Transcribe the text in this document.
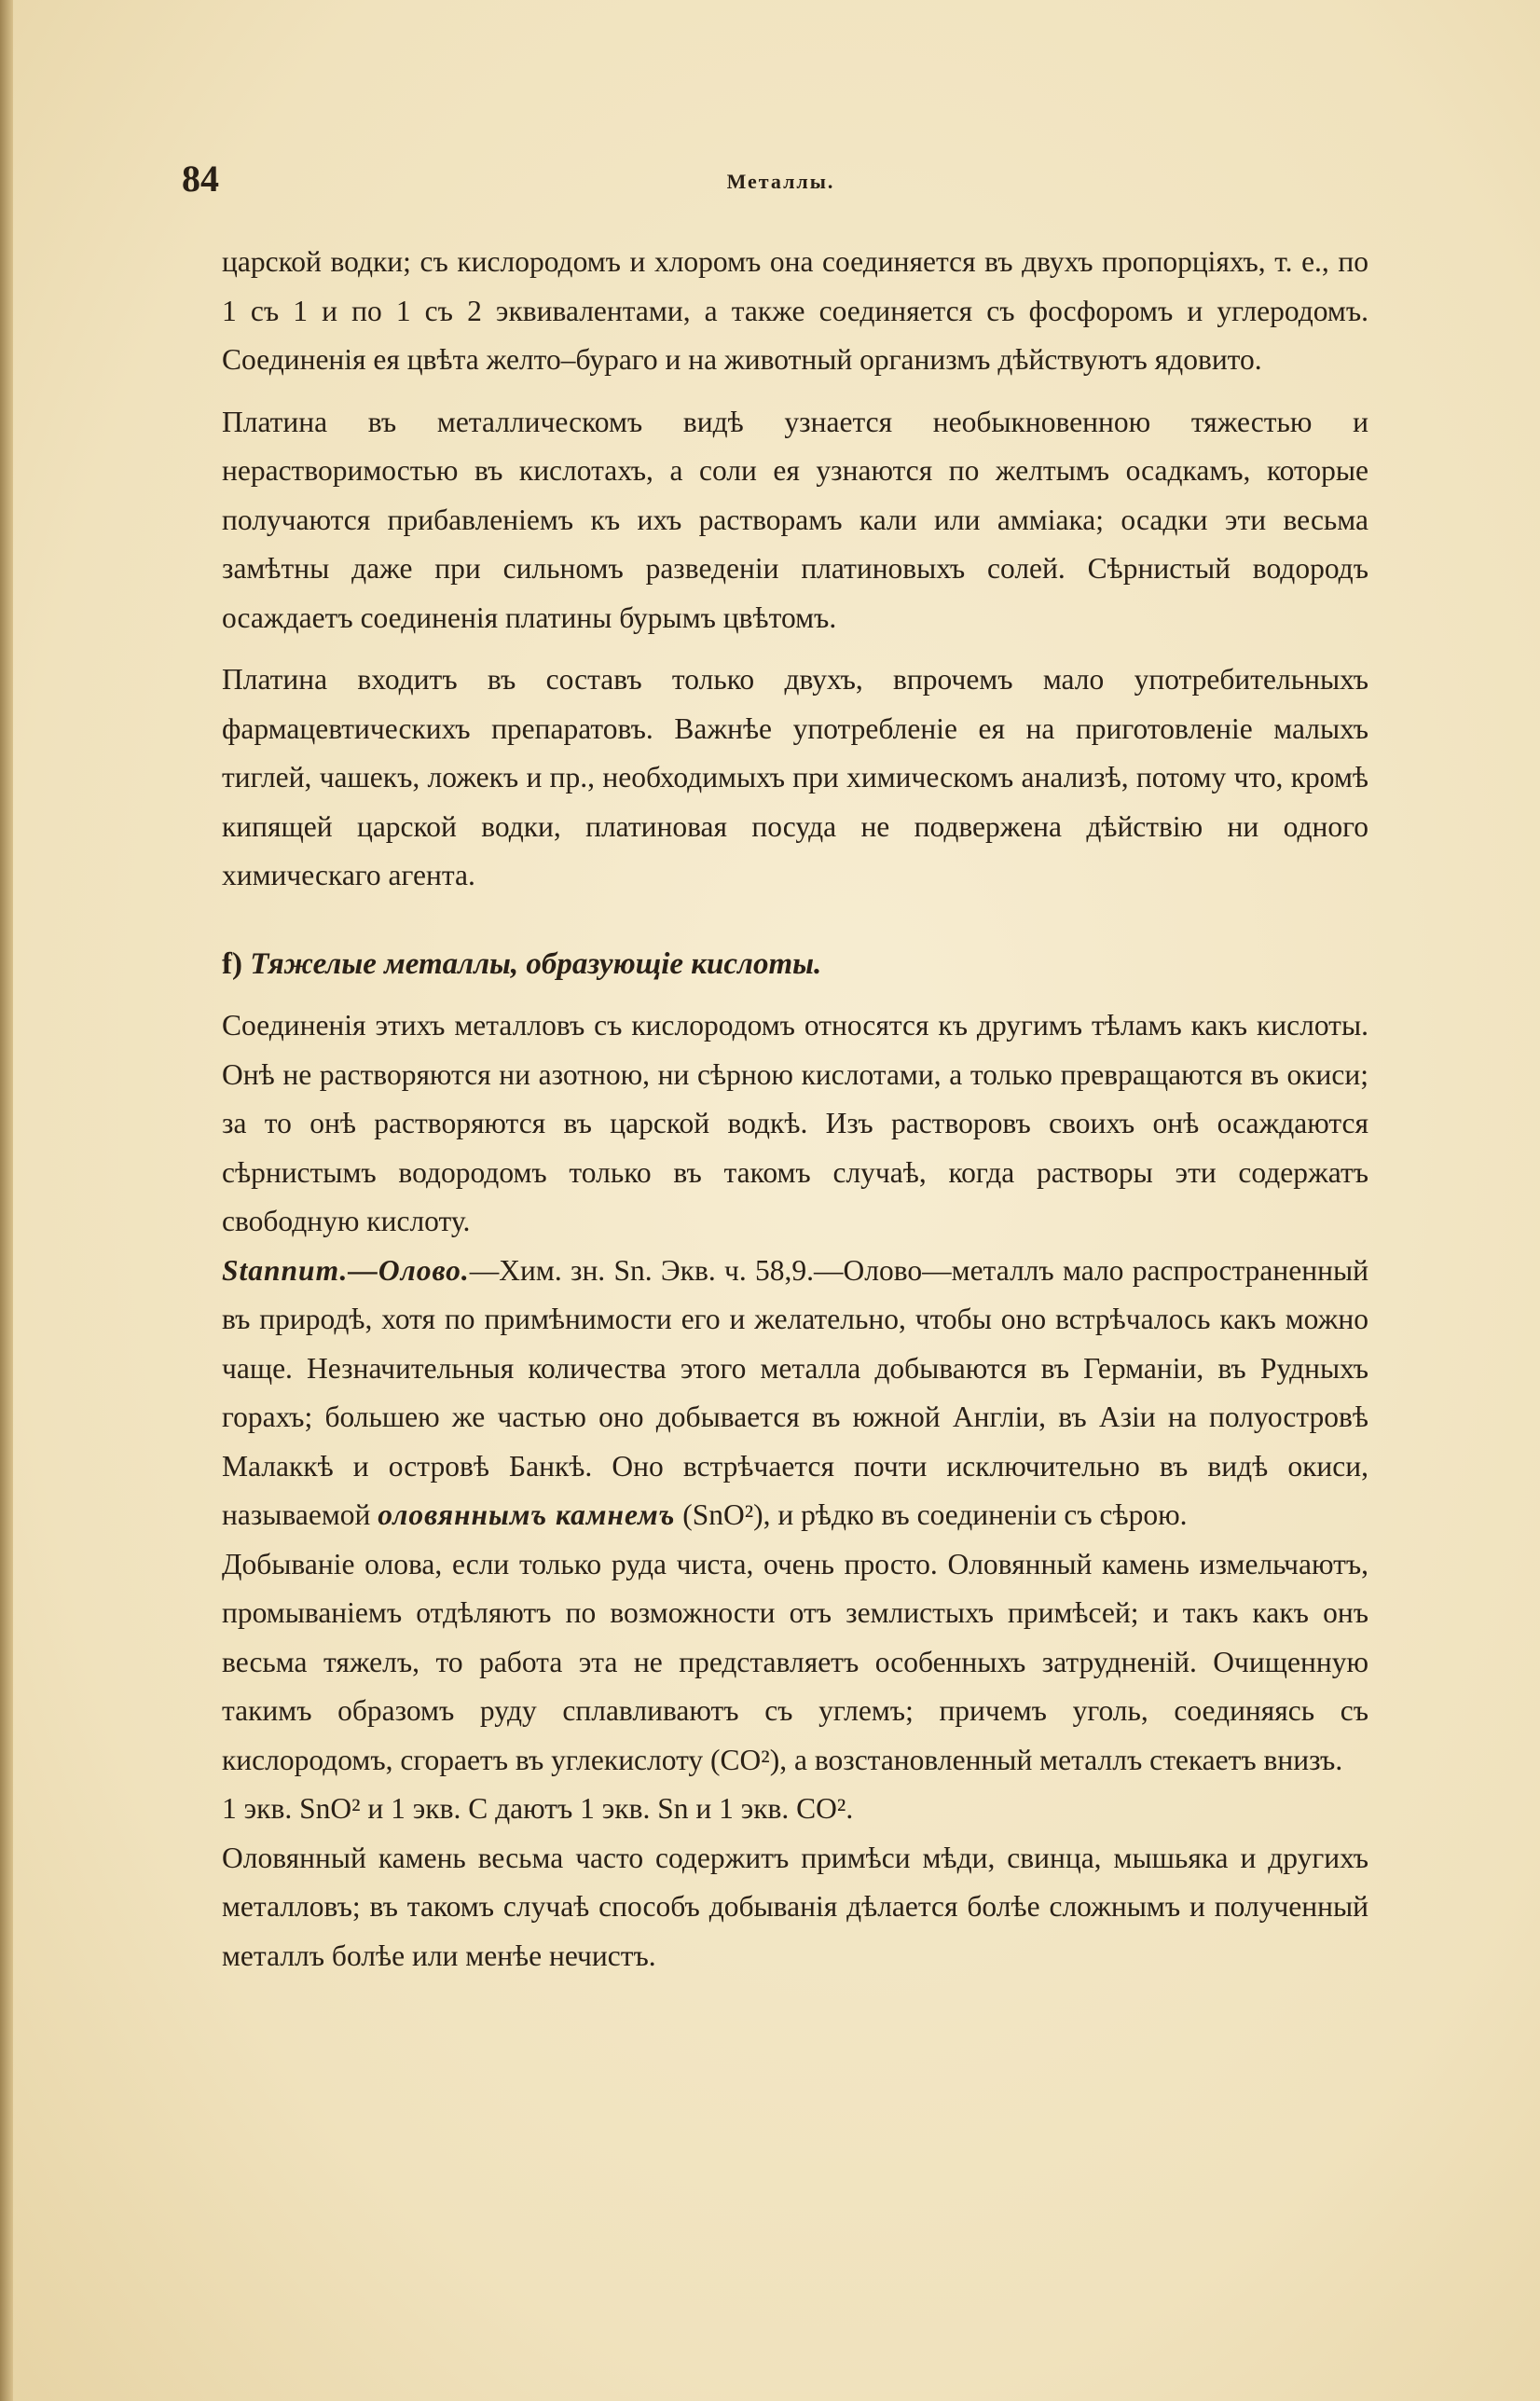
84	Металлы.

царской водки; съ кислородомъ и хлоромъ она соединяется въ двухъ пропорцiяхъ, т. е., по 1 съ 1 и по 1 съ 2 эквивалентами, а также соединяется съ фосфоромъ и углеродомъ. Соединенiя ея цвѣта желто–бураго и на животный организмъ дѣйствуютъ ядовито.

Платина въ металлическомъ видѣ узнается необыкновенною тяжестью и нерастворимостью въ кислотахъ, а соли ея узнаются по желтымъ осадкамъ, которые получаются прибавленiемъ къ ихъ растворамъ кали или амміака; осадки эти весьма замѣтны даже при сильномъ разведенiи платиновыхъ солей. Сѣрнистый водородъ осаждаетъ соединенiя платины бурымъ цвѣтомъ.

Платина входитъ въ составъ только двухъ, впрочемъ мало употребительныхъ фармацевтическихъ препаратовъ. Важнѣе употребленiе ея на приготовленiе малыхъ тиглей, чашекъ, ложекъ и пр., необходимыхъ при химическомъ анализѣ, потому что, кромѣ кипящей царской водки, платиновая посуда не подвержена дѣйствiю ни одного химическаго агента.

f) Тяжелые металлы, образующiе кислоты.

Соединенiя этихъ металловъ съ кислородомъ относятся къ другимъ тѣламъ какъ кислоты. Онѣ не растворяются ни азотною, ни сѣрною кислотами, а только превращаются въ окиси; за то онѣ растворяются въ царской водкѣ. Изъ растворовъ своихъ онѣ осаждаются сѣрнистымъ водородомъ только въ такомъ случаѣ, когда растворы эти содержатъ свободную кислоту.

Stannит.—Олово.—Хим. зн. Sn. Экв. ч. 58,9.—Олово—металлъ мало распространенный въ природѣ, хотя по примѣнимости его и желательно, чтобы оно встрѣчалось какъ можно чаще. Незначительныя количества этого металла добываются въ Германiи, въ Рудныхъ горахъ; большею же частью оно добывается въ южной Англiи, въ Азiи на полуостровѣ Малаккѣ и островѣ Банкѣ. Оно встрѣчается почти исключительно въ видѣ окиси, называемой оловяннымъ камнемъ (SnO²), и рѣдко въ соединенiи съ сѣрою.

Добыванiе олова, если только руда чиста, очень просто. Оловянный камень измельчаютъ, промыванiемъ отдѣляютъ по возможности отъ землистыхъ примѣсей; и такъ какъ онъ весьма тяжелъ, то работа эта не представляетъ особенныхъ затрудненiй. Очищенную такимъ образомъ руду сплавливаютъ съ углемъ; причемъ уголь, соединяясь съ кислородомъ, сгораетъ въ углекислоту (CO²), а возстановленный металлъ стекаетъ внизъ.

1 экв. SnO² и 1 экв. C даютъ 1 экв. Sn и 1 экв. CO².

Оловянный камень весьма часто содержитъ примѣси мѣди, свинца, мышьяка и другихъ металловъ; въ такомъ случаѣ способъ добыванiя дѣлается болѣе сложнымъ и полученный металлъ болѣе или менѣе нечистъ.
